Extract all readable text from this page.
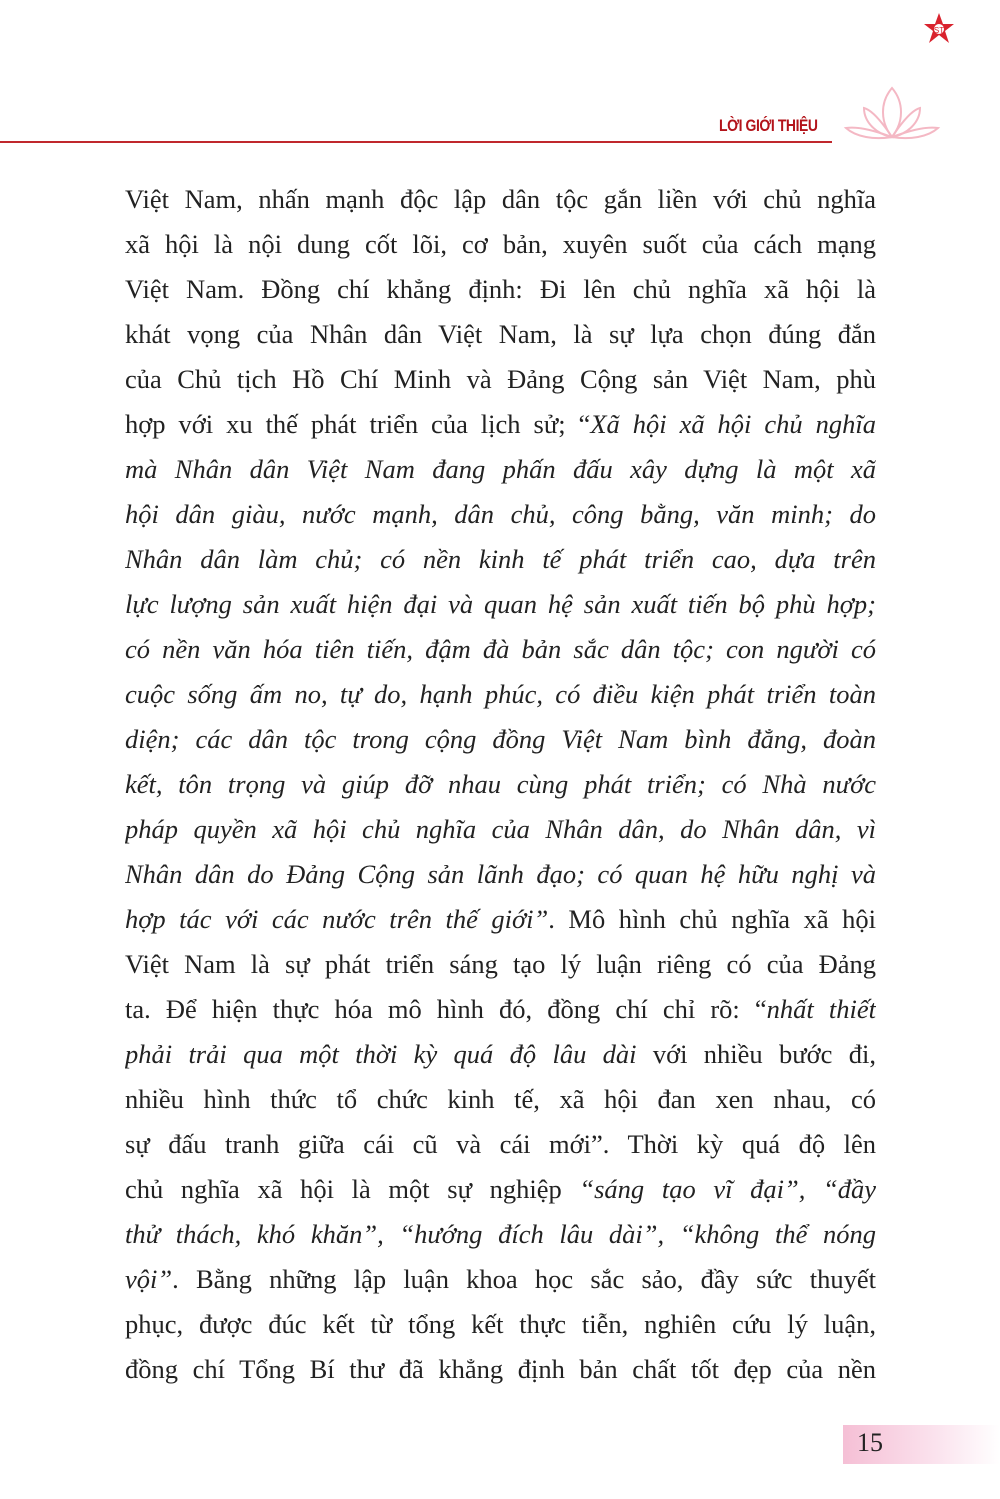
LỜI GIỚI THIỆU
ST
Việt Nam, nhấn mạnh độc lập dân tộc gắn liền với chủ nghĩa
xã hội là nội dung cốt lõi, cơ bản, xuyên suốt của cách mạng
Việt Nam. Đồng chí khẳng định: Đi lên chủ nghĩa xã hội là
khát vọng của Nhân dân Việt Nam, là sự lựa chọn đúng đắn
của Chủ tịch Hồ Chí Minh và Đảng Cộng sản Việt Nam, phù
hợp với xu thế phát triển của lịch sử; “Xã hội xã hội chủ nghĩa
mà Nhân dân Việt Nam đang phấn đấu xây dựng là một xã
hội dân giàu, nước mạnh, dân chủ, công bằng, văn minh; do
Nhân dân làm chủ; có nền kinh tế phát triển cao, dựa trên
lực lượng sản xuất hiện đại và quan hệ sản xuất tiến bộ phù hợp;
có nền văn hóa tiên tiến, đậm đà bản sắc dân tộc; con người có
cuộc sống ấm no, tự do, hạnh phúc, có điều kiện phát triển toàn
diện; các dân tộc trong cộng đồng Việt Nam bình đẳng, đoàn
kết, tôn trọng và giúp đỡ nhau cùng phát triển; có Nhà nước
pháp quyền xã hội chủ nghĩa của Nhân dân, do Nhân dân, vì
Nhân dân do Đảng Cộng sản lãnh đạo; có quan hệ hữu nghị và
hợp tác với các nước trên thế giới”. Mô hình chủ nghĩa xã hội
Việt Nam là sự phát triển sáng tạo lý luận riêng có của Đảng
ta. Để hiện thực hóa mô hình đó, đồng chí chỉ rõ: “nhất thiết
phải trải qua một thời kỳ quá độ lâu dài với nhiều bước đi,
nhiều hình thức tổ chức kinh tế, xã hội đan xen nhau, có
sự đấu tranh giữa cái cũ và cái mới”. Thời kỳ quá độ lên
chủ nghĩa xã hội là một sự nghiệp “sáng tạo vĩ đại”, “đầy
thử thách, khó khăn”, “hướng đích lâu dài”, “không thể nóng
vội”. Bằng những lập luận khoa học sắc sảo, đầy sức thuyết
phục, được đúc kết từ tổng kết thực tiễn, nghiên cứu lý luận,
đồng chí Tổng Bí thư đã khẳng định bản chất tốt đẹp của nền
15
